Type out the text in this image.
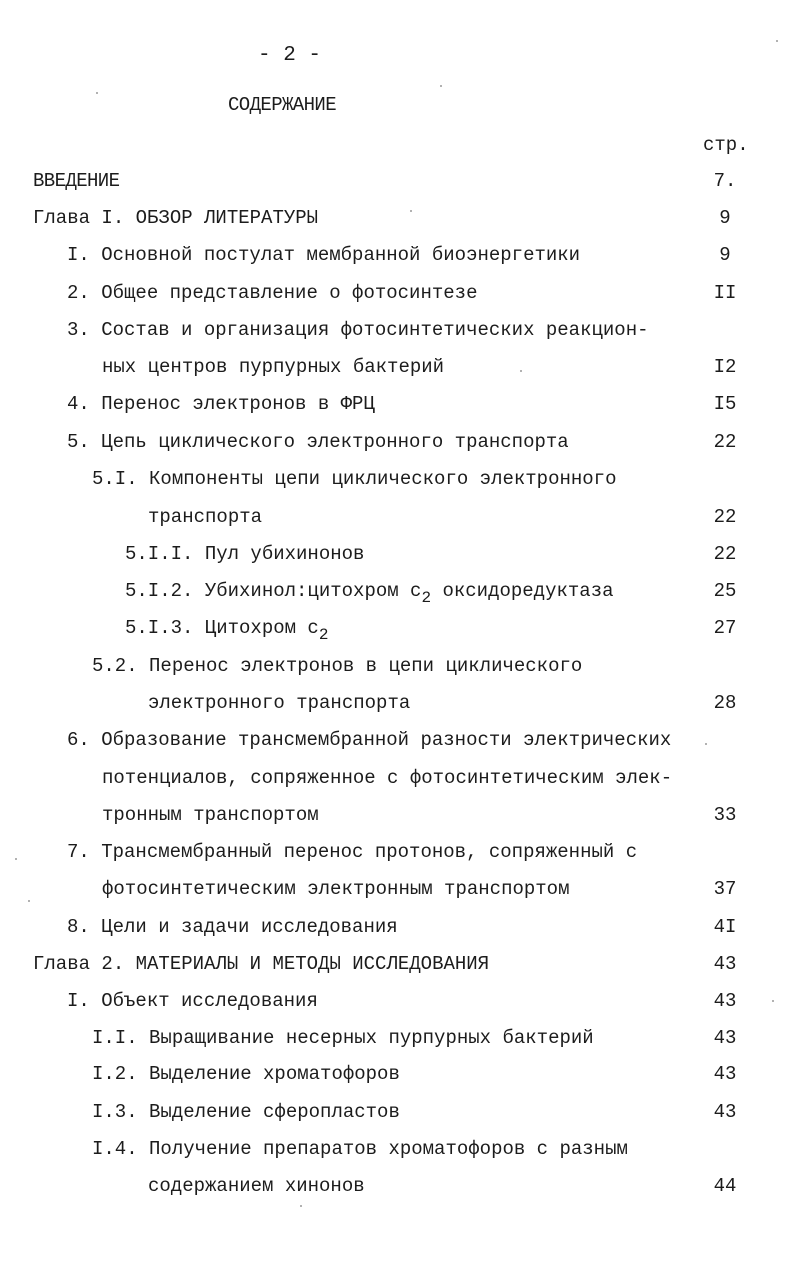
- 2 -
СОДЕРЖАНИЕ
стр.
ВВЕДЕНИЕ	7.
Глава I. ОБЗОР ЛИТЕРАТУРЫ	9
I. Основной постулат мембранной биоэнергетики	9
2. Общее представление о фотосинтезе	II
3. Состав и организация фотосинтетических реакцион-
ных центров пурпурных бактерий	I2
4. Перенос электронов в ФРЦ	I5
5. Цепь циклического электронного транспорта	22
5.I. Компоненты цепи циклического электронного
транспорта	22
5.I.I. Пул убихинонов	22
5.I.2. Убихинол:цитохром $c_2$ оксидоредуктаза	25
5.I.3. Цитохром $c_2$	27
5.2. Перенос электронов в цепи циклического
электронного транспорта	28
6. Образование трансмембранной разности электрических
потенциалов, сопряженное с фотосинтетическим элек-
тронным транспортом	33
7. Трансмембранный перенос протонов, сопряженный с
фотосинтетическим электронным транспортом	37
8. Цели и задачи исследования	4I
Глава 2. МАТЕРИАЛЫ И МЕТОДЫ ИССЛЕДОВАНИЯ	43
I. Объект исследования	43
I.I. Выращивание несерных пурпурных бактерий	43
I.2. Выделение хроматофоров	43
I.3. Выделение сферопластов	43
I.4. Получение препаратов хроматофоров с разным
содержанием хинонов	44
